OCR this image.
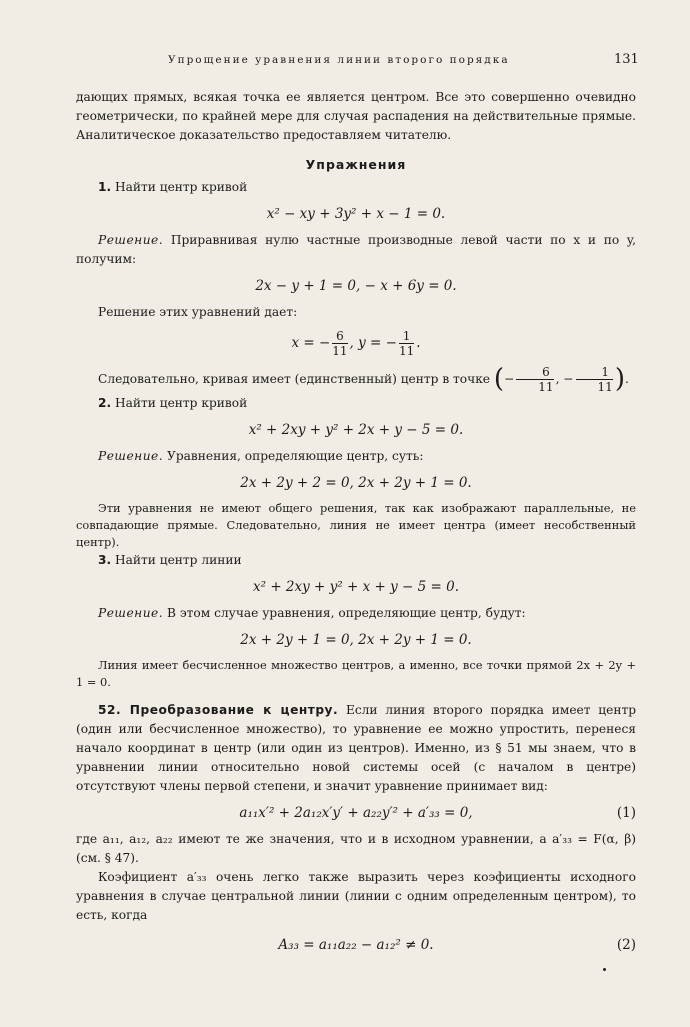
Упрощение уравнения линии второго порядка	131

дающих прямых, всякая точка ее является центром. Все это совершенно очевидно геометрически, по крайней мере для случая распадения на действительные прямые. Аналитическое доказательство предоставляем читателю.

Упражнения

1. Найти центр кривой

x² − xy + 3y² + x − 1 = 0.

Решение. Приравнивая нулю частные производные левой части по x и по y, получим:

2x − y + 1 = 0, − x + 6y = 0.

Решение этих уравнений дает:

x = − $\frac{6}{11}$ , y = − $\frac{1}{11}$ .

Следовательно, кривая имеет (единственный) центр в точке (− $\frac{6}{11}$ , − $\frac{1}{11}$ ).

2. Найти центр кривой

x² + 2xy + y² + 2x + y − 5 = 0.

Решение. Уравнения, определяющие центр, суть:

2x + 2y + 2 = 0, 2x + 2y + 1 = 0.

Эти уравнения не имеют общего решения, так как изображают параллельные, не совпадающие прямые. Следовательно, линия не имеет центра (имеет несобственный центр).

3. Найти центр линии

x² + 2xy + y² + x + y − 5 = 0.

Решение. В этом случае уравнения, определяющие центр, будут:

2x + 2y + 1 = 0, 2x + 2y + 1 = 0.

Линия имеет бесчисленное множество центров, а именно, все точки прямой 2x + 2y + 1 = 0.

52. Преобразование к центру. Если линия второго порядка имеет центр (один или бесчисленное множество), то уравнение ее можно упростить, перенеся начало координат в центр (или один из центров). Именно, из § 51 мы знаем, что в уравнении линии относительно новой системы осей (с началом в центре) отсутствуют члены первой степени, и значит уравнение принимает вид:

a₁₁x′² + 2a₁₂x′y′ + a₂₂y′² + a′₃₃ = 0,	(1)

где a₁₁, a₁₂, a₂₂ имеют те же значения, что и в исходном уравнении, а a′₃₃ = F(α, β) (см. § 47).

Коэфициент a′₃₃ очень легко также выразить через коэфициенты исходного уравнения в случае центральной линии (линии с одним определенным центром), то есть, когда

A₃₃ = a₁₁a₂₂ − a₁₂² ≠ 0.	(2)
